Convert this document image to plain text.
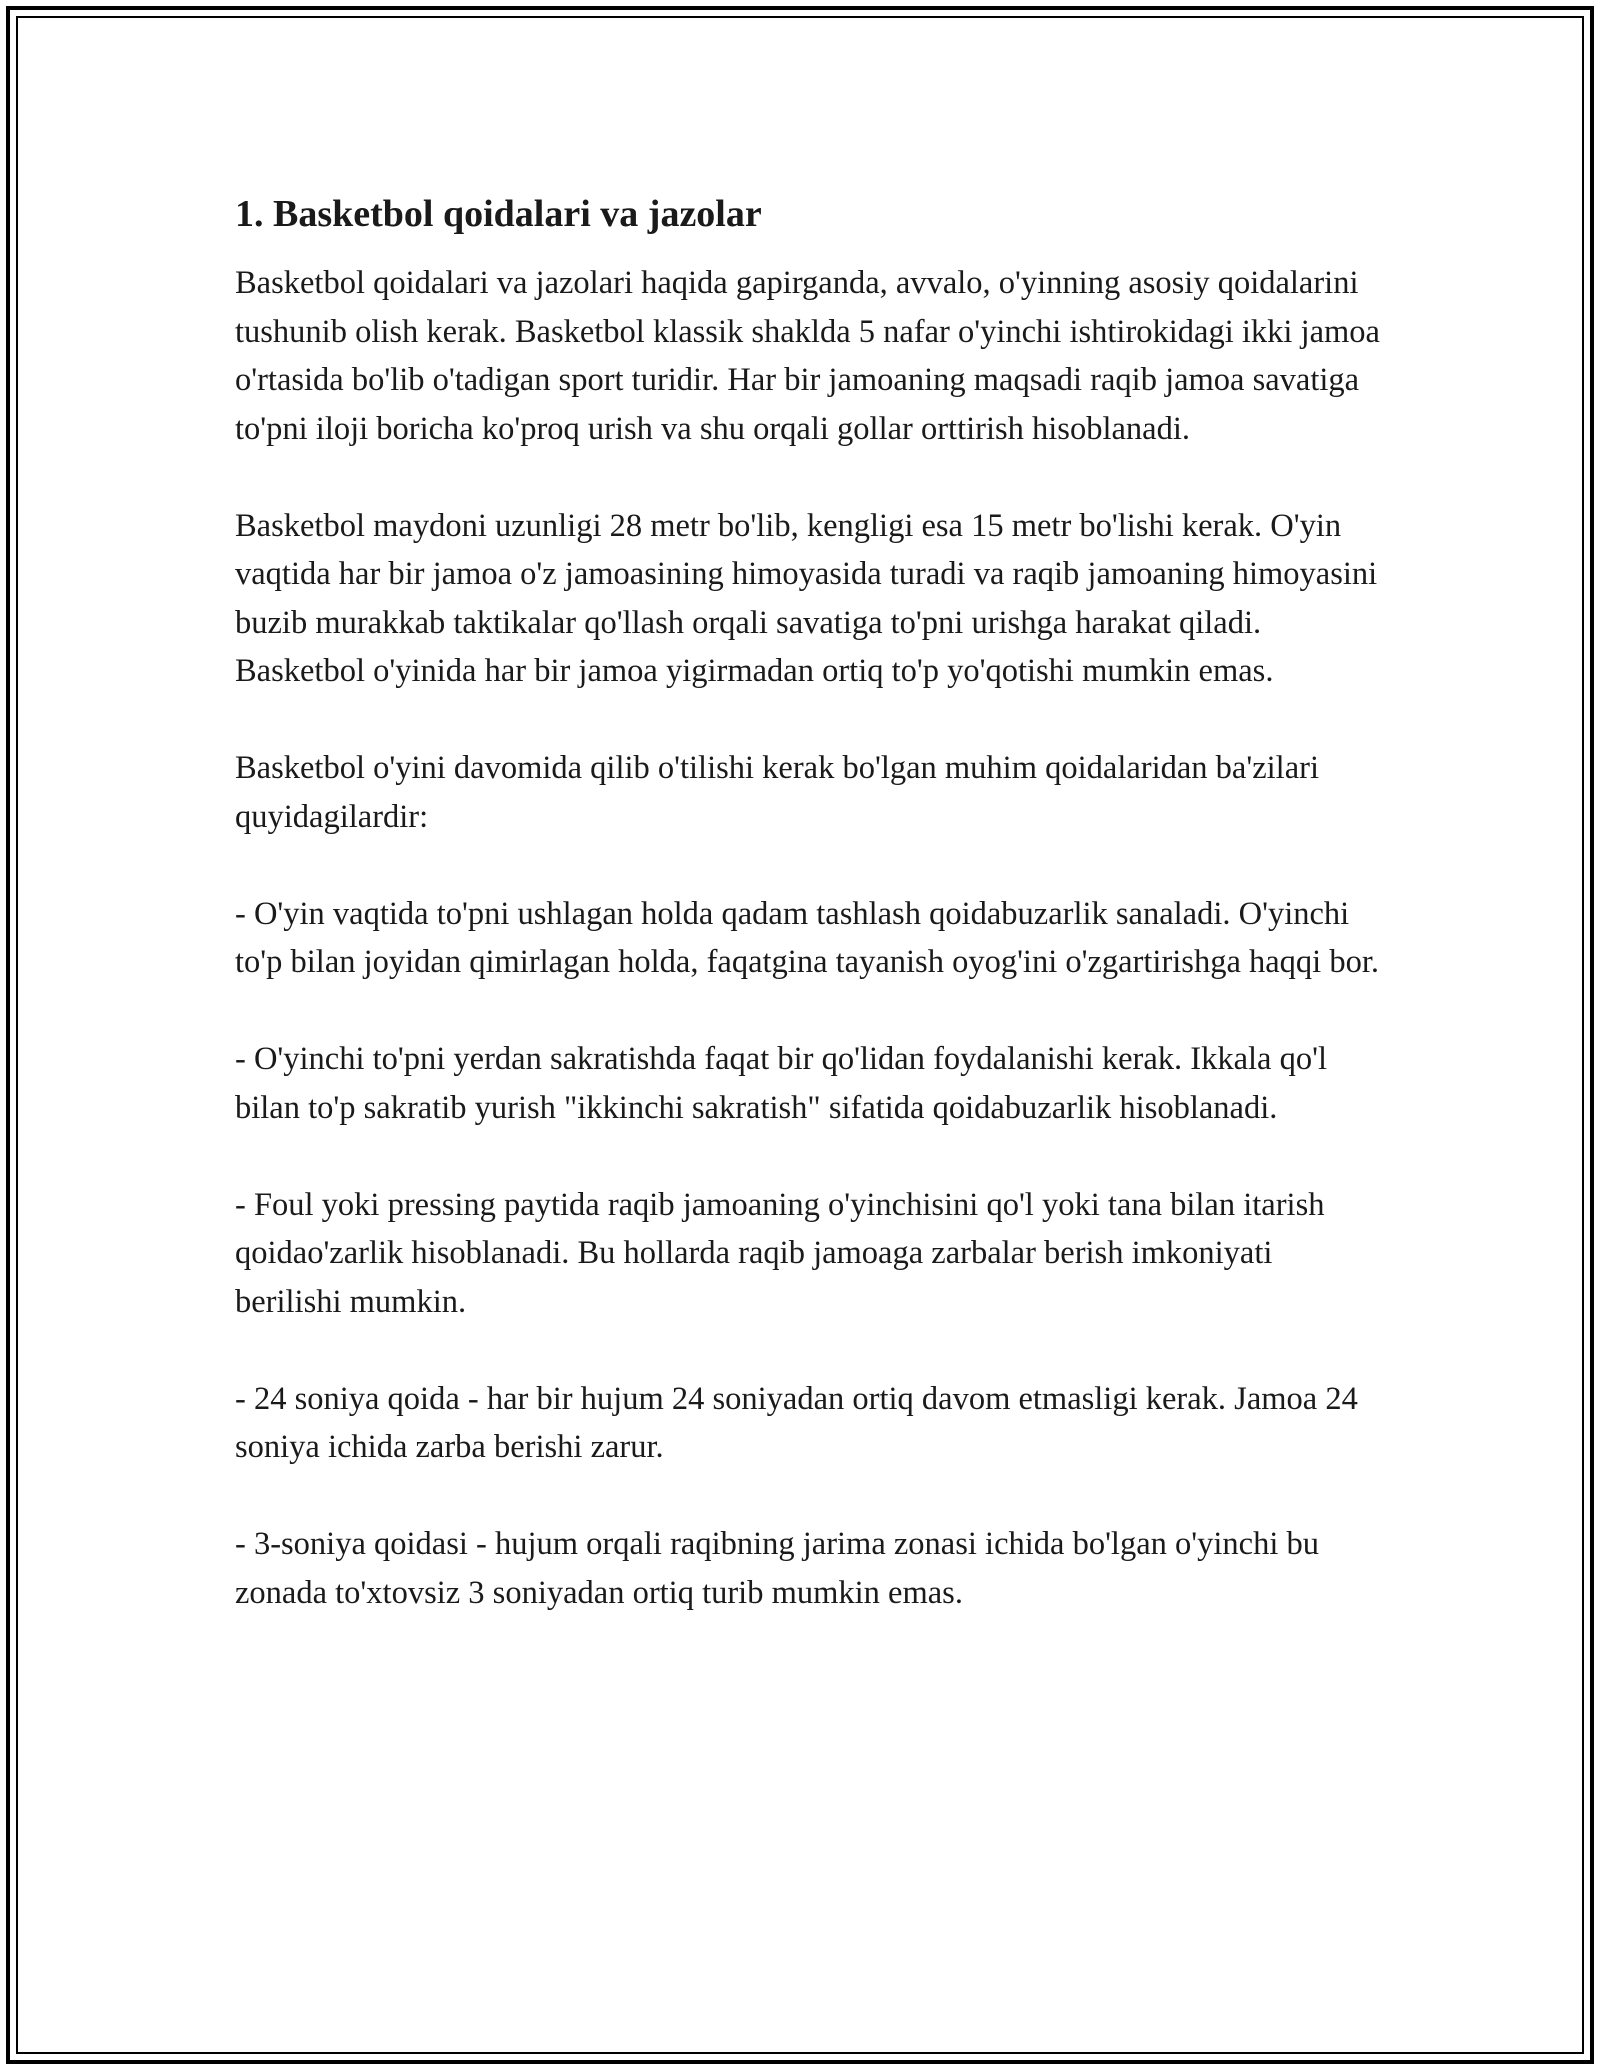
1. Basketbol qoidalari va jazolar

Basketbol qoidalari va jazolari haqida gapirganda, avvalo, o'yinning asosiy qoidalarini tushunib olish kerak. Basketbol klassik shakldа 5 nafar o'yinchi ishtirokidagi ikki jamoa o'rtasida bo'lib o'tadigan sport turidir. Har bir jamoaning maqsadi raqib jamoa savatiga to'pni iloji boricha ko'proq urish va shu orqali gollar orttirish hisoblanadi.

Basketbol maydoni uzunligi 28 metr bo'lib, kengligi esa 15 metr bo'lishi kerak. O'yin vaqtida har bir jamoa o'z jamoasining himoyasida turadi va raqib jamoaning himoyasini buzib murakkab taktikalar qo'llash orqali savatiga to'pni urishga harakat qiladi. Basketbol o'yinida har bir jamoa yigirmadan ortiq to'p yo'qotishi mumkin emas.

Basketbol o'yini davomida qilib o'tilishi kerak bo'lgan muhim qoidalaridan ba'zilari quyidagilardir:

- O'yin vaqtida to'pni ushlagan holda qadam tashlash qoidabuzarlik sanaladi. O'yinchi to'p bilan joyidan qimirlagan holda, faqatgina tayanish oyog'ini o'zgartirishga haqqi bor.

- O'yinchi to'pni yerdan sakratishda faqat bir qo'lidan foydalanishi kerak. Ikkala qo'l bilan to'p sakratib yurish "ikkinchi sakratish" sifatida qoidabuzarlik hisoblanadi.

- Foul yoki pressing paytida raqib jamoaning o'yinchisini qo'l yoki tana bilan itarish qoidao'zarlik hisoblanadi. Bu hollarda raqib jamoaga zarbalar berish imkoniyati berilishi mumkin.

- 24 soniya qoida - har bir hujum 24 soniyadan ortiq davom etmasligi kerak. Jamoa 24 soniya ichida zarba berishi zarur.

- 3-soniya qoidasi - hujum orqali raqibning jarima zonasi ichida bo'lgan o'yinchi bu zonada to'xtovsiz 3 soniyadan ortiq turib mumkin emas.
